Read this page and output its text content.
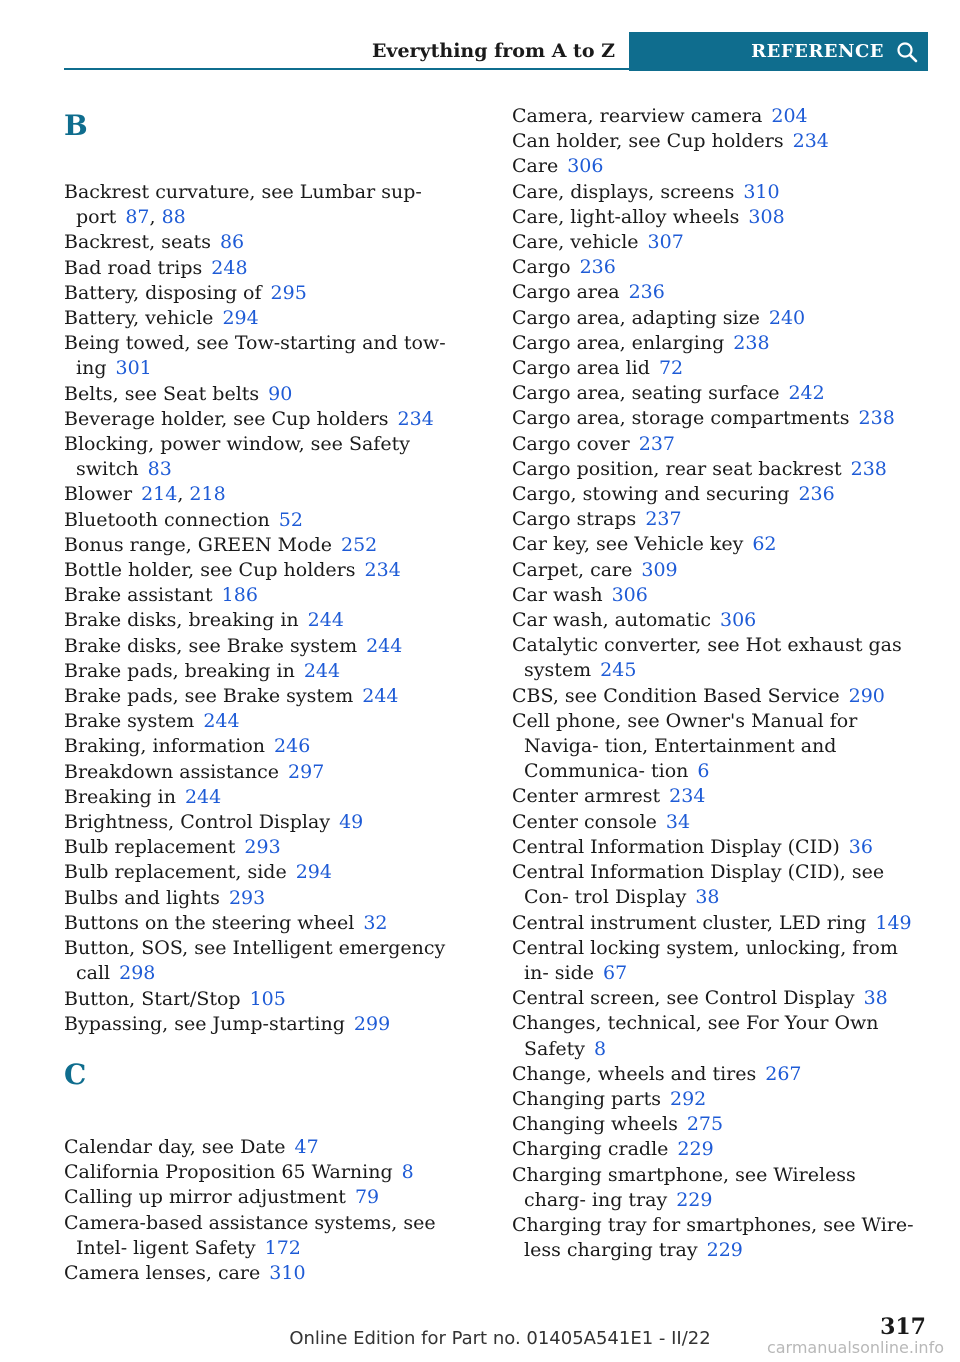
Everything from A to Z	REFERENCE
B
Backrest curvature, see Lumbar sup‐ port 87, 88
Backrest, seats 86
Bad road trips 248
Battery, disposing of 295
Battery, vehicle 294
Being towed, see Tow-starting and tow‐ ing 301
Belts, see Seat belts 90
Beverage holder, see Cup holders 234
Blocking, power window, see Safety switch 83
Blower 214, 218
Bluetooth connection 52
Bonus range, GREEN Mode 252
Bottle holder, see Cup holders 234
Brake assistant 186
Brake disks, breaking in 244
Brake disks, see Brake system 244
Brake pads, breaking in 244
Brake pads, see Brake system 244
Brake system 244
Braking, information 246
Breakdown assistance 297
Breaking in 244
Brightness, Control Display 49
Bulb replacement 293
Bulb replacement, side 294
Bulbs and lights 293
Buttons on the steering wheel 32
Button, SOS, see Intelligent emergency call 298
Button, Start/Stop 105
Bypassing, see Jump-starting 299
C
Calendar day, see Date 47
California Proposition 65 Warning 8
Calling up mirror adjustment 79
Camera-based assistance systems, see Intel‐ ligent Safety 172
Camera lenses, care 310
Camera, rearview camera 204
Can holder, see Cup holders 234
Care 306
Care, displays, screens 310
Care, light-alloy wheels 308
Care, vehicle 307
Cargo 236
Cargo area 236
Cargo area, adapting size 240
Cargo area, enlarging 238
Cargo area lid 72
Cargo area, seating surface 242
Cargo area, storage compartments 238
Cargo cover 237
Cargo position, rear seat backrest 238
Cargo, stowing and securing 236
Cargo straps 237
Car key, see Vehicle key 62
Carpet, care 309
Car wash 306
Car wash, automatic 306
Catalytic converter, see Hot exhaust gas system 245
CBS, see Condition Based Service 290
Cell phone, see Owner's Manual for Naviga‐ tion, Entertainment and Communica‐ tion 6
Center armrest 234
Center console 34
Central Information Display (CID) 36
Central Information Display (CID), see Con‐ trol Display 38
Central instrument cluster, LED ring 149
Central locking system, unlocking, from in‐ side 67
Central screen, see Control Display 38
Changes, technical, see For Your Own Safety 8
Change, wheels and tires 267
Changing parts 292
Changing wheels 275
Charging cradle 229
Charging smartphone, see Wireless charg‐ ing tray 229
Charging tray for smartphones, see Wire‐ less charging tray 229
317
Online Edition for Part no. 01405A541E1 - II/22	carmanualsonline.info
